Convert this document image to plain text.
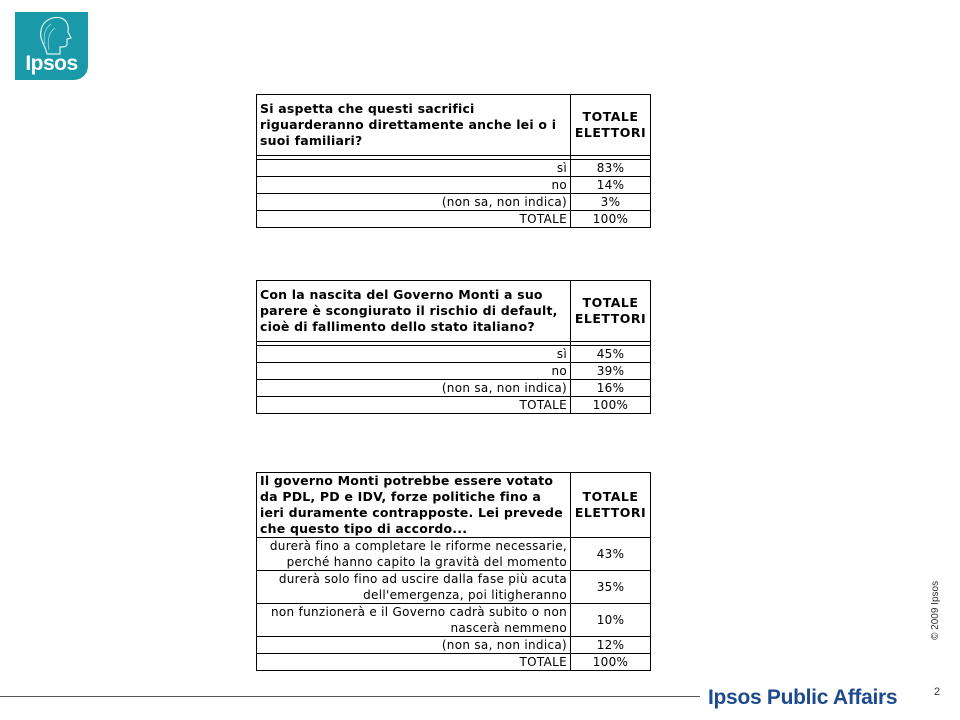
Ipsos
Si aspetta che questi sacrifici riguarderanno direttamente anche lei o i suoi familiari?	TOTALE ELETTORI

sì	83%
no	14%
(non sa, non indica)	3%
TOTALE	100%
Con la nascita del Governo Monti a suo parere è scongiurato il rischio di default, cioè di fallimento dello stato italiano?	TOTALE ELETTORI

sì	45%
no	39%
(non sa, non indica)	16%
TOTALE	100%
Il governo Monti potrebbe essere votato da PDL, PD e IDV, forze politiche fino a ieri duramente contrapposte. Lei prevede che questo tipo di accordo...	TOTALE ELETTORI
durerà fino a completare le riforme necessarie, perché hanno capito la gravità del momento	43%
durerà solo fino ad uscire dalla fase più acuta dell'emergenza, poi litigheranno	35%
non funzionerà e il Governo cadrà subito o non nascerà nemmeno	10%
(non sa, non indica)	12%
TOTALE	100%
© 2009 Ipsos
Ipsos Public Affairs	2
